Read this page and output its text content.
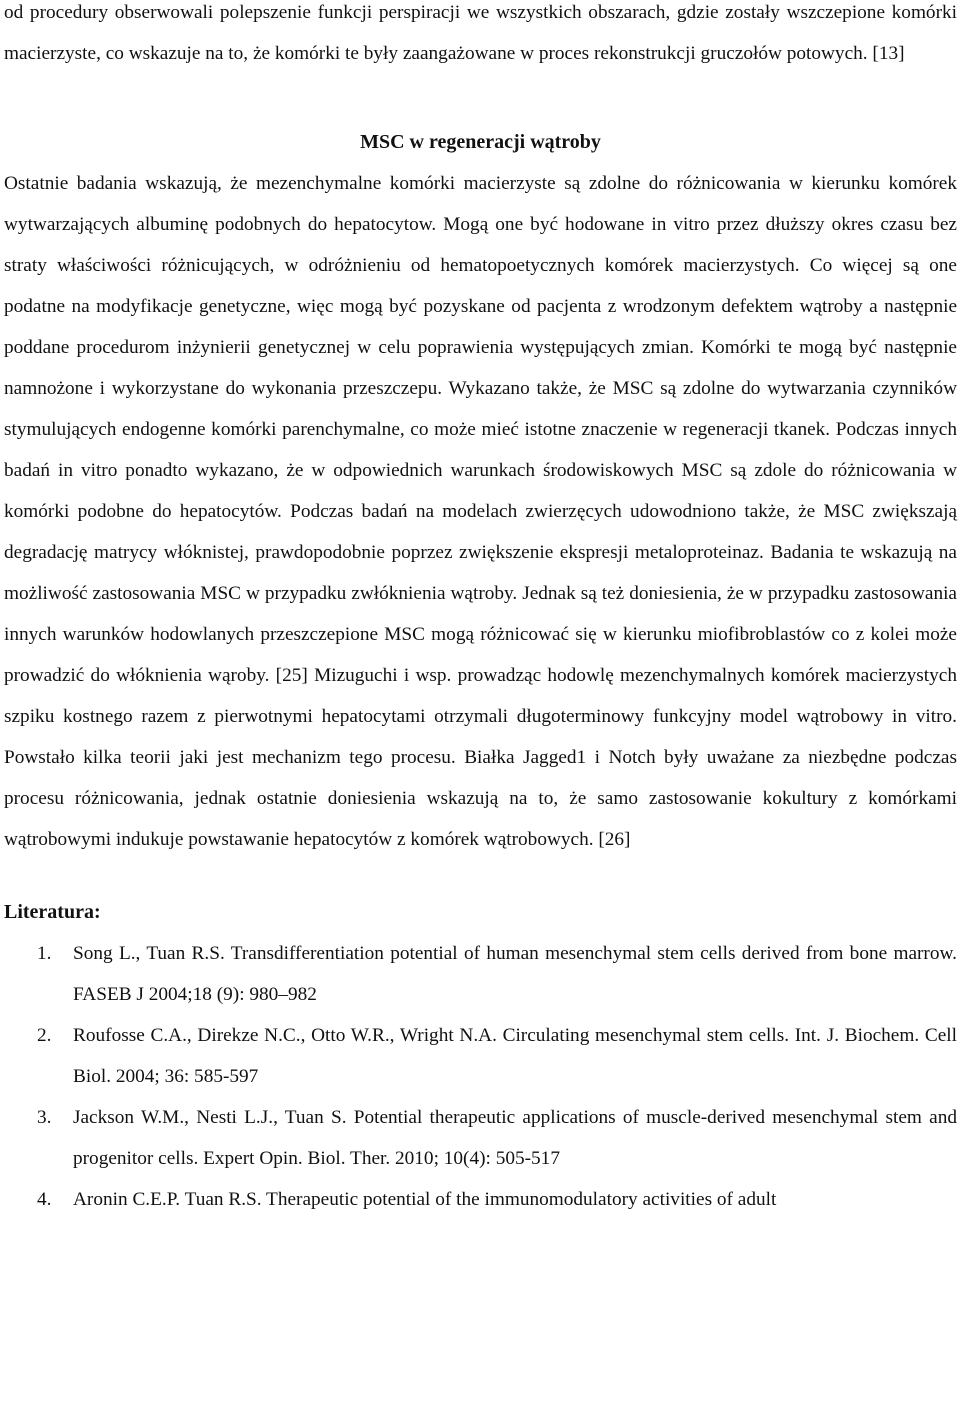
od procedury obserwowali polepszenie funkcji perspiracji we wszystkich obszarach, gdzie zostały wszczepione komórki macierzyste, co wskazuje na to, że komórki te były zaangażowane w proces rekonstrukcji gruczołów potowych. [13]

MSC w regeneracji wątroby

Ostatnie badania wskazują, że mezenchymalne komórki macierzyste są zdolne do różnicowania w kierunku komórek wytwarzających albuminę podobnych do hepatocytow. Mogą one być hodowane in vitro przez dłuższy okres czasu bez straty właściwości różnicujących, w odróżnieniu od hematopoetycznych komórek macierzystych. Co więcej są one podatne na modyfikacje genetyczne, więc mogą być pozyskane od pacjenta z wrodzonym defektem wątroby a następnie poddane procedurom inżynierii genetycznej w celu poprawienia występujących zmian. Komórki te mogą być następnie namnożone i wykorzystane do wykonania przeszczepu. Wykazano także, że MSC są zdolne do wytwarzania czynników stymulujących endogenne komórki parenchymalne, co może mieć istotne znaczenie w regeneracji tkanek. Podczas innych badań in vitro ponadto wykazano, że w odpowiednich warunkach środowiskowych MSC są zdole do różnicowania w komórki podobne do hepatocytów. Podczas badań na modelach zwierzęcych udowodniono także, że MSC zwiększają degradację matrycy włóknistej, prawdopodobnie poprzez zwiększenie ekspresji metaloproteinaz. Badania te wskazują na możliwość zastosowania MSC w przypadku zwłóknienia wątroby. Jednak są też doniesienia, że w przypadku zastosowania innych warunków hodowlanych przeszczepione MSC mogą różnicować się w kierunku miofibroblastów co z kolei może prowadzić do włóknienia wąroby. [25] Mizuguchi i wsp. prowadząc hodowlę mezenchymalnych komórek macierzystych szpiku kostnego razem z pierwotnymi hepatocytami otrzymali długoterminowy funkcyjny model wątrobowy in vitro. Powstało kilka teorii jaki jest mechanizm tego procesu. Białka Jagged1 i Notch były uważane za niezbędne podczas procesu różnicowania, jednak ostatnie doniesienia wskazują na to, że samo zastosowanie kokultury z komórkami wątrobowymi indukuje powstawanie hepatocytów z komórek wątrobowych. [26]

Literatura:
1.	Song L., Tuan R.S. Transdifferentiation potential of human mesenchymal stem cells derived from bone marrow. FASEB J 2004;18 (9): 980–982
2.	Roufosse C.A., Direkze N.C., Otto W.R., Wright N.A. Circulating mesenchymal stem cells. Int. J. Biochem. Cell Biol. 2004; 36: 585-597
3.	Jackson W.M., Nesti L.J., Tuan S. Potential therapeutic applications of muscle-derived mesenchymal stem and progenitor cells. Expert Opin. Biol. Ther. 2010; 10(4): 505-517
4.	Aronin C.E.P. Tuan R.S. Therapeutic potential of the immunomodulatory activities of adult
